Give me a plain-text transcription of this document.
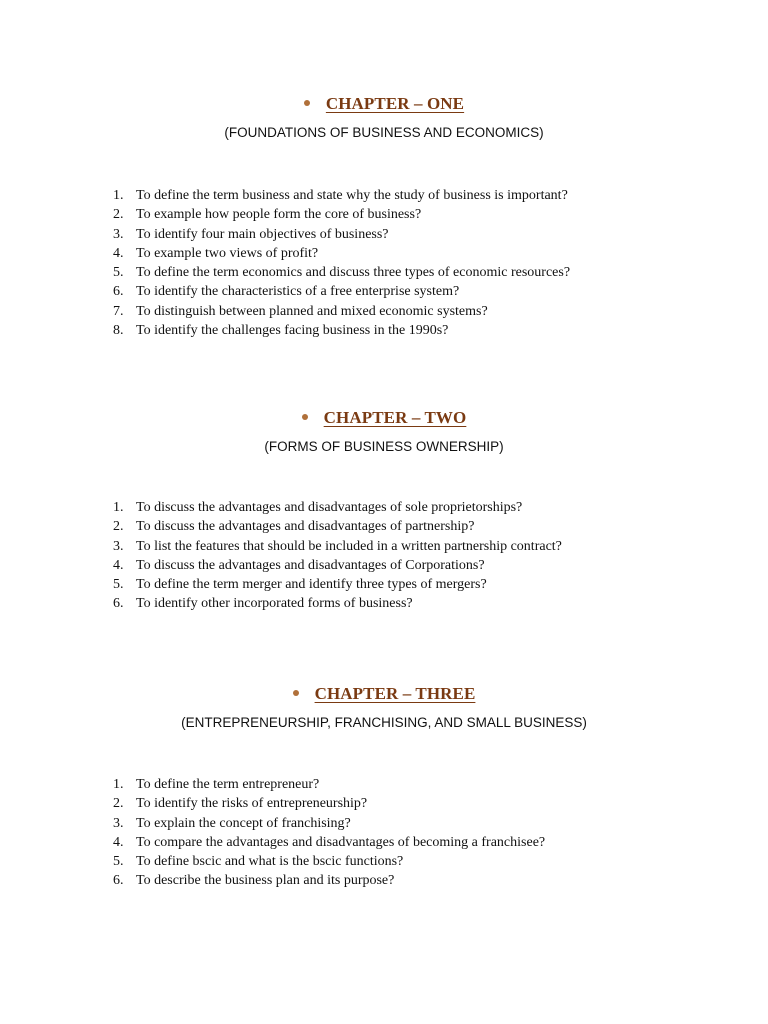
CHAPTER – ONE
(FOUNDATIONS OF BUSINESS AND ECONOMICS)
1. To define the term business and state why the study of business is important?
2. To example how people form the core of business?
3. To identify four main objectives of business?
4. To example two views of profit?
5. To define the term economics and discuss three types of economic resources?
6. To identify the characteristics of a free enterprise system?
7. To distinguish between planned and mixed economic systems?
8. To identify the challenges facing business in the 1990s?
CHAPTER – TWO
(FORMS OF BUSINESS OWNERSHIP)
1. To discuss the advantages and disadvantages of sole proprietorships?
2. To discuss the advantages and disadvantages of partnership?
3. To list the features that should be included in a written partnership contract?
4. To discuss the advantages and disadvantages of Corporations?
5. To define the term merger and identify three types of mergers?
6. To identify other incorporated forms of business?
CHAPTER – THREE
(ENTREPRENEURSHIP, FRANCHISING, AND SMALL BUSINESS)
1. To define the term entrepreneur?
2. To identify the risks of entrepreneurship?
3. To explain the concept of franchising?
4. To compare the advantages and disadvantages of becoming a franchisee?
5. To define bscic and what is the bscic functions?
6. To describe the business plan and its purpose?
